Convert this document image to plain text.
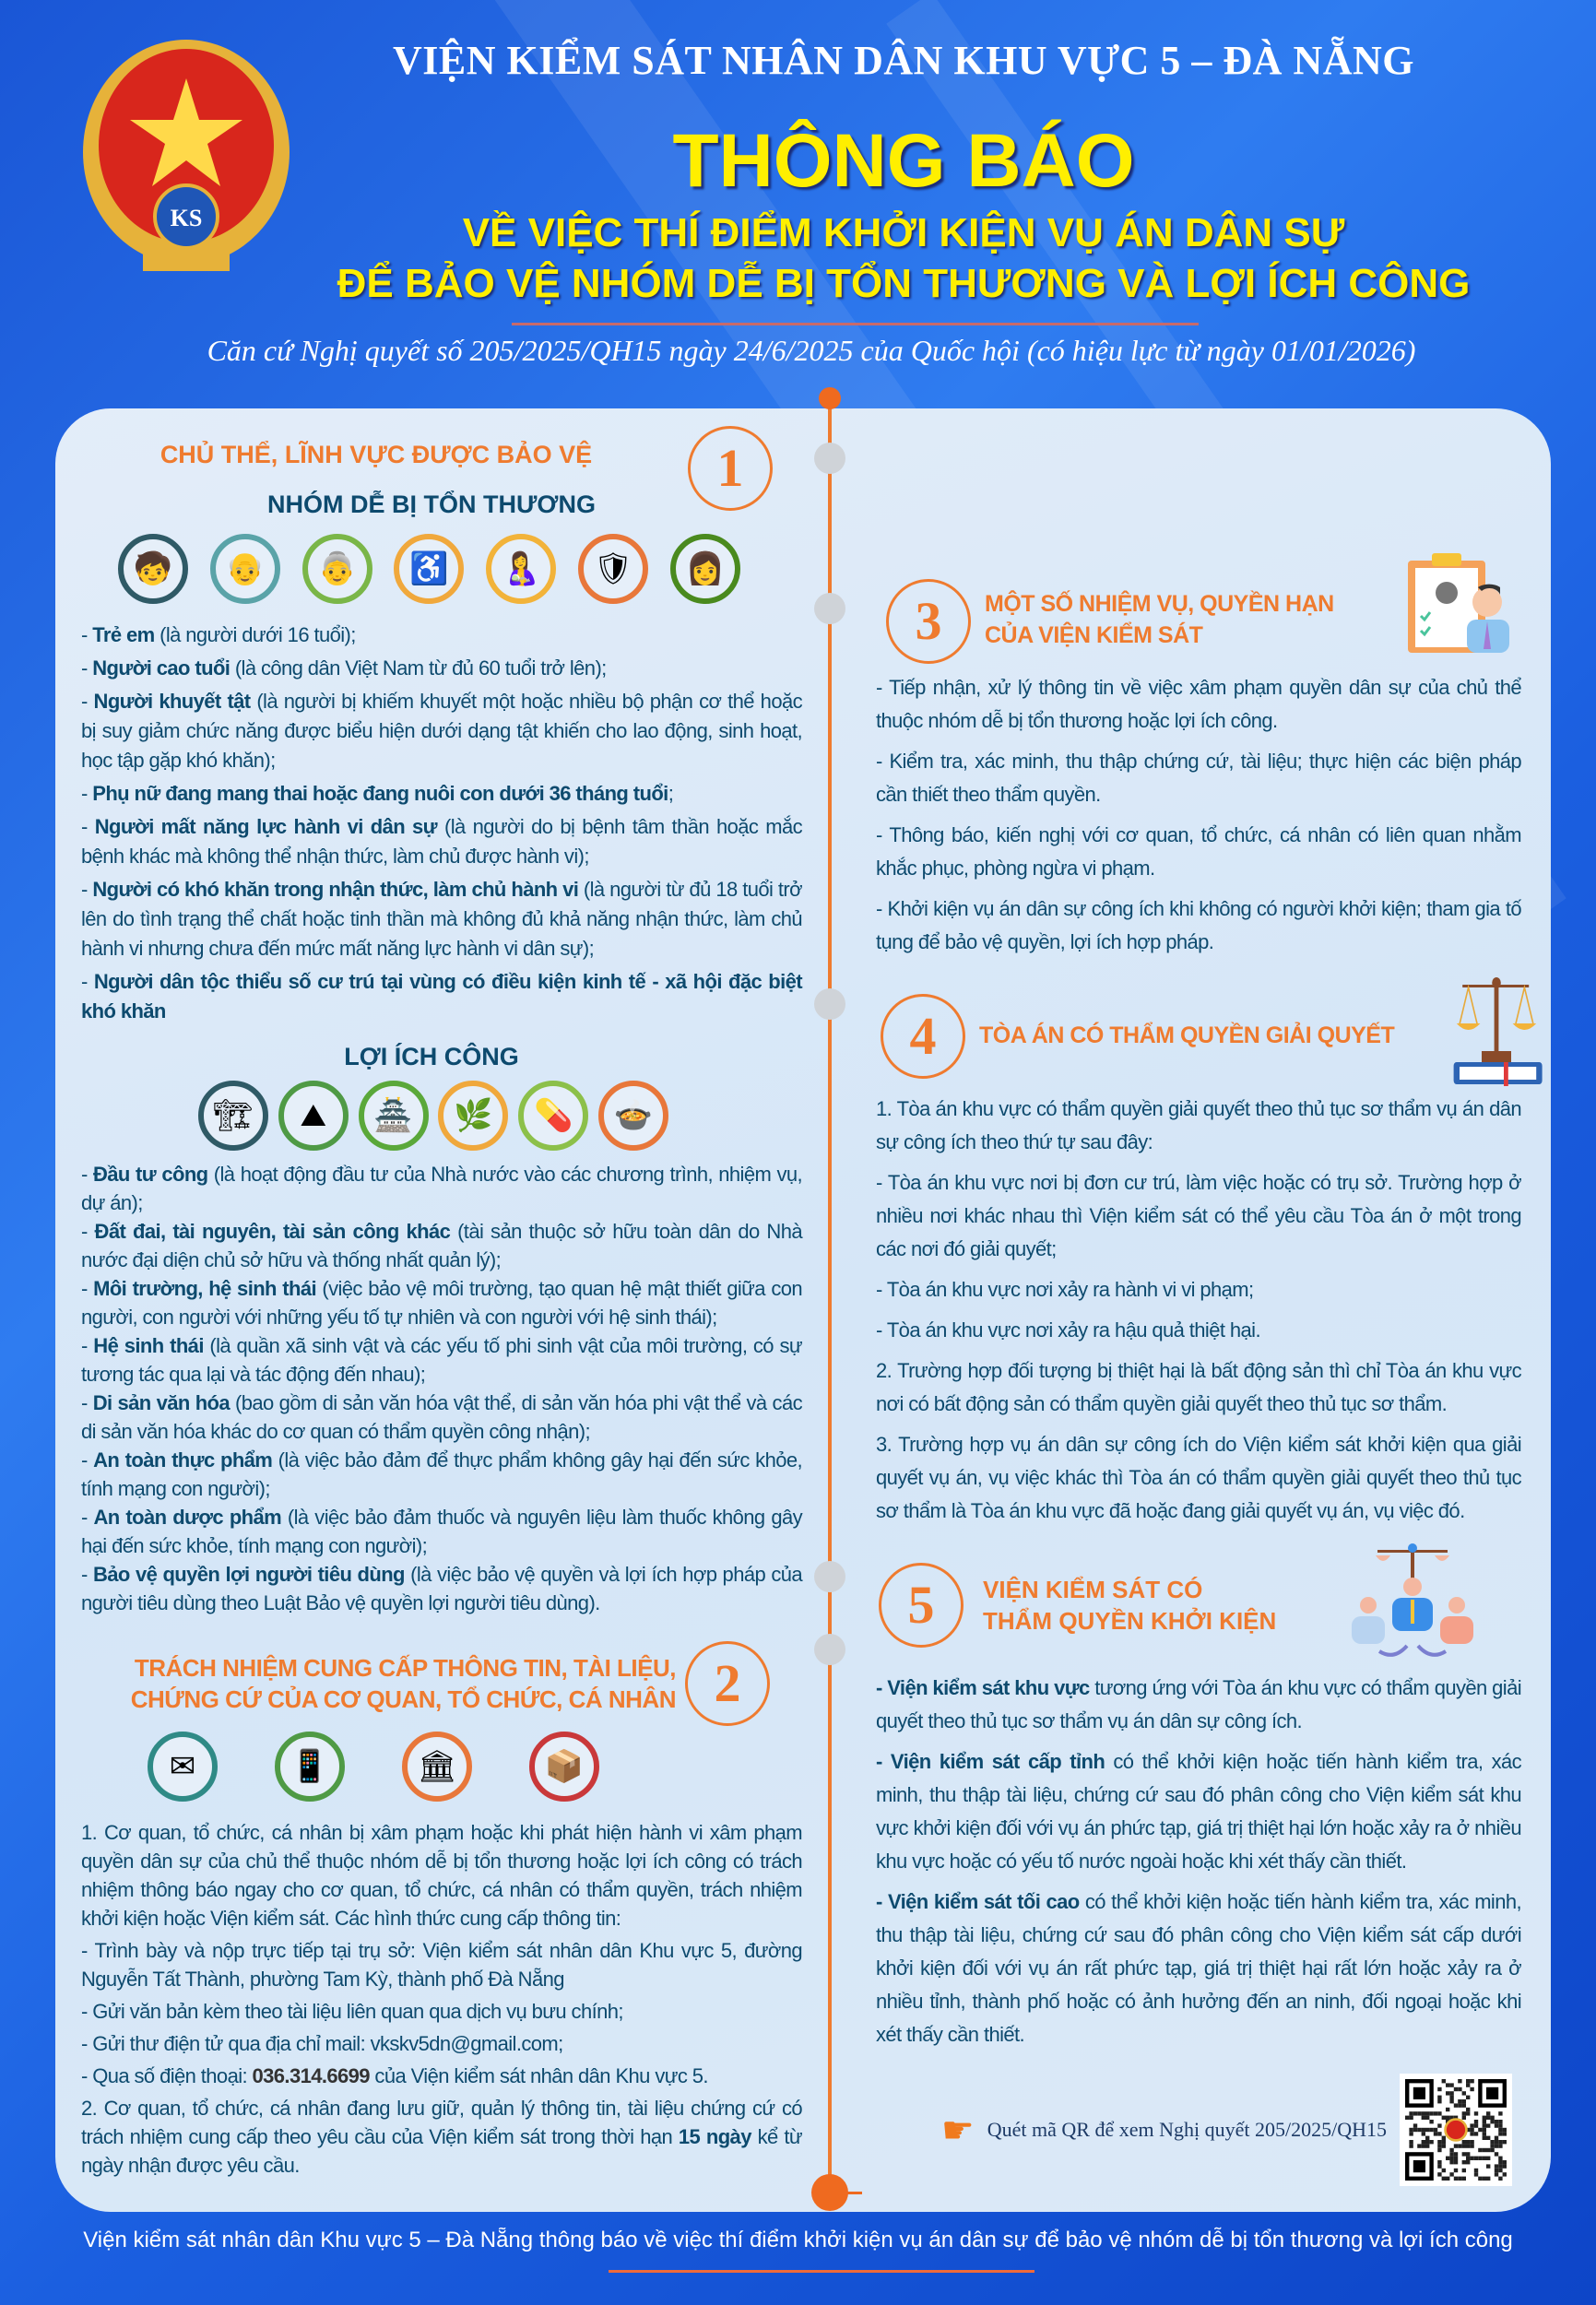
KS
VIỆN KIỂM SÁT NHÂN DÂN KHU VỰC 5 – ĐÀ NẴNG
THÔNG BÁO
VỀ VIỆC THÍ ĐIỂM KHỞI KIỆN VỤ ÁN DÂN SỰ
ĐỂ BẢO VỆ NHÓM DỄ BỊ TỔN THƯƠNG VÀ LỢI ÍCH CÔNG
Căn cứ Nghị quyết số 205/2025/QH15 ngày 24/6/2025 của Quốc hội (có hiệu lực từ ngày 01/01/2026)
CHỦ THỂ, LĨNH VỰC ĐƯỢC BẢO VỆ	1
NHÓM DỄ BỊ TỔN THƯƠNG
🧒	👴	👵	♿	🤱	🛡	👩

- Trẻ em (là người dưới 16 tuổi);

- Người cao tuổi (là công dân Việt Nam từ đủ 60 tuổi trở lên);

- Người khuyết tật (là người bị khiếm khuyết một hoặc nhiều bộ phận cơ thể hoặc bị suy giảm chức năng được biểu hiện dưới dạng tật khiến cho lao động, sinh hoạt, học tập gặp khó khăn);

- Phụ nữ đang mang thai hoặc đang nuôi con dưới 36 tháng tuổi;

- Người mất năng lực hành vi dân sự (là người do bị bệnh tâm thần hoặc mắc bệnh khác mà không thể nhận thức, làm chủ được hành vi);

- Người có khó khăn trong nhận thức, làm chủ hành vi (là người từ đủ 18 tuổi trở lên do tình trạng thể chất hoặc tinh thần mà không đủ khả năng nhận thức, làm chủ hành vi nhưng chưa đến mức mất năng lực hành vi dân sự);

- Người dân tộc thiểu số cư trú tại vùng có điều kiện kinh tế - xã hội đặc biệt khó khăn

LỢI ÍCH CÔNG
🏗	⛰	🏯	🌿	💊	🍲

- Đầu tư công (là hoạt động đầu tư của Nhà nước vào các chương trình, nhiệm vụ, dự án);

- Đất đai, tài nguyên, tài sản công khác (tài sản thuộc sở hữu toàn dân do Nhà nước đại diện chủ sở hữu và thống nhất quản lý);

- Môi trường, hệ sinh thái (việc bảo vệ môi trường, tạo quan hệ mật thiết giữa con người, con người với những yếu tố tự nhiên và con người với hệ sinh thái);

- Hệ sinh thái (là quần xã sinh vật và các yếu tố phi sinh vật của môi trường, có sự tương tác qua lại và tác động đến nhau);

- Di sản văn hóa (bao gồm di sản văn hóa vật thể, di sản văn hóa phi vật thể và các di sản văn hóa khác do cơ quan có thẩm quyền công nhận);

- An toàn thực phẩm (là việc bảo đảm để thực phẩm không gây hại đến sức khỏe, tính mạng con người);

- An toàn dược phẩm (là việc bảo đảm thuốc và nguyên liệu làm thuốc không gây hại đến sức khỏe, tính mạng con người);

- Bảo vệ quyền lợi người tiêu dùng (là việc bảo vệ quyền và lợi ích hợp pháp của người tiêu dùng theo Luật Bảo vệ quyền lợi người tiêu dùng).

TRÁCH NHIỆM CUNG CẤP THÔNG TIN, TÀI LIỆU,
CHỨNG CỨ CỦA CƠ QUAN, TỔ CHỨC, CÁ NHÂN 2
✉	📱	🏛	📦

1. Cơ quan, tổ chức, cá nhân bị xâm phạm hoặc khi phát hiện hành vi xâm phạm quyền dân sự của chủ thể thuộc nhóm dễ bị tổn thương hoặc lợi ích công có trách nhiệm thông báo ngay cho cơ quan, tổ chức, cá nhân có thẩm quyền, trách nhiệm khởi kiện hoặc Viện kiểm sát. Các hình thức cung cấp thông tin:

- Trình bày và nộp trực tiếp tại trụ sở: Viện kiểm sát nhân dân Khu vực 5, đường Nguyễn Tất Thành, phường Tam Kỳ, thành phố Đà Nẵng

- Gửi văn bản kèm theo tài liệu liên quan qua dịch vụ bưu chính;

- Gửi thư điện tử qua địa chỉ mail: vkskv5dn@gmail.com;

- Qua số điện thoại: 036.314.6699 của Viện kiểm sát nhân dân Khu vực 5.

2. Cơ quan, tổ chức, cá nhân đang lưu giữ, quản lý thông tin, tài liệu chứng cứ có trách nhiệm cung cấp theo yêu cầu của Viện kiểm sát trong thời hạn 15 ngày kể từ ngày nhận được yêu cầu.

3	MỘT SỐ NHIỆM VỤ, QUYỀN HẠN
CỦA VIỆN KIỂM SÁT

- Tiếp nhận, xử lý thông tin về việc xâm phạm quyền dân sự của chủ thể thuộc nhóm dễ bị tổn thương hoặc lợi ích công.

- Kiểm tra, xác minh, thu thập chứng cứ, tài liệu; thực hiện các biện pháp cần thiết theo thẩm quyền.

- Thông báo, kiến nghị với cơ quan, tổ chức, cá nhân có liên quan nhằm khắc phục, phòng ngừa vi phạm.

- Khởi kiện vụ án dân sự công ích khi không có người khởi kiện; tham gia tố tụng để bảo vệ quyền, lợi ích hợp pháp.

4	TÒA ÁN CÓ THẨM QUYỀN GIẢI QUYẾT

1. Tòa án khu vực có thẩm quyền giải quyết theo thủ tục sơ thẩm vụ án dân sự công ích theo thứ tự sau đây:

- Tòa án khu vực nơi bị đơn cư trú, làm việc hoặc có trụ sở. Trường hợp ở nhiều nơi khác nhau thì Viện kiểm sát có thể yêu cầu Tòa án ở một trong các nơi đó giải quyết;

- Tòa án khu vực nơi xảy ra hành vi vi phạm;

- Tòa án khu vực nơi xảy ra hậu quả thiệt hại.

2. Trường hợp đối tượng bị thiệt hại là bất động sản thì chỉ Tòa án khu vực nơi có bất động sản có thẩm quyền giải quyết theo thủ tục sơ thẩm.

3. Trường hợp vụ án dân sự công ích do Viện kiểm sát khởi kiện qua giải quyết vụ án, vụ việc khác thì Tòa án có thẩm quyền giải quyết theo thủ tục sơ thẩm là Tòa án khu vực đã hoặc đang giải quyết vụ án, vụ việc đó.

5	VIỆN KIỂM SÁT CÓ
THẨM QUYỀN KHỞI KIỆN

- Viện kiểm sát khu vực tương ứng với Tòa án khu vực có thẩm quyền giải quyết theo thủ tục sơ thẩm vụ án dân sự công ích.

- Viện kiểm sát cấp tỉnh có thể khởi kiện hoặc tiến hành kiểm tra, xác minh, thu thập tài liệu, chứng cứ sau đó phân công cho Viện kiểm sát khu vực khởi kiện đối với vụ án phức tạp, giá trị thiệt hại lớn hoặc xảy ra ở nhiều khu vực hoặc có yếu tố nước ngoài hoặc khi xét thấy cần thiết.

- Viện kiểm sát tối cao có thể khởi kiện hoặc tiến hành kiểm tra, xác minh, thu thập tài liệu, chứng cứ sau đó phân công cho Viện kiểm sát cấp dưới khởi kiện đối với vụ án rất phức tạp, giá trị thiệt hại rất lớn hoặc xảy ra ở nhiều tỉnh, thành phố hoặc có ảnh hưởng đến an ninh, đối ngoại hoặc khi xét thấy cần thiết.

☛ Quét mã QR để xem Nghị quyết 205/2025/QH15
Viện kiểm sát nhân dân Khu vực 5 – Đà Nẵng thông báo về việc thí điểm khởi kiện vụ án dân sự để bảo vệ nhóm dễ bị tổn thương và lợi ích công
